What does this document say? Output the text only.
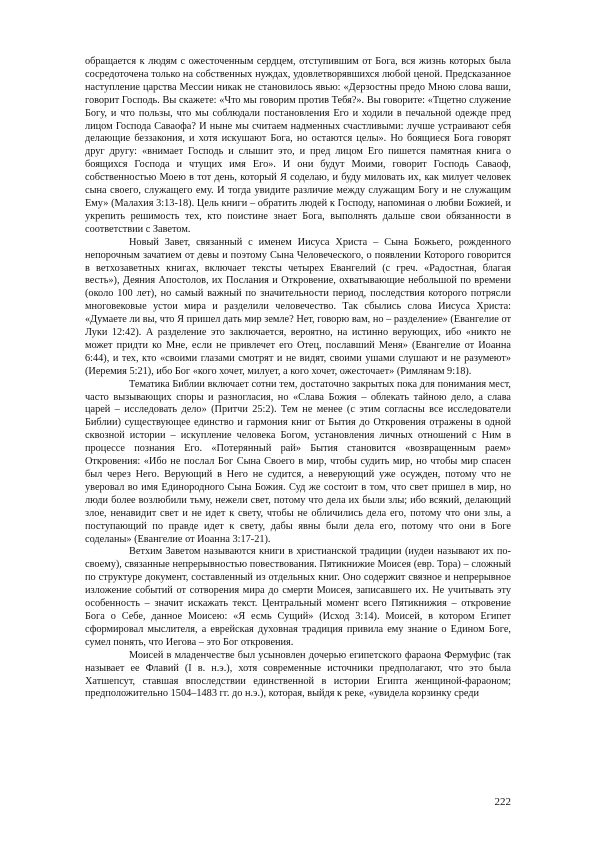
обращается к людям с ожесточенным сердцем, отступившим от Бога, вся жизнь которых была сосредоточена только на собственных нуждах, удовлетворявшихся любой ценой. Предсказанное наступление царства Мессии никак не становилось явью: «Дерзостны предо Мною слова ваши, говорит Господь. Вы скажете: «Что мы говорим против Тебя?». Вы говорите: «Тщетно служение Богу, и что пользы, что мы соблюдали постановления Его и ходили в печальной одежде пред лицом Господа Саваофа? И ныне мы считаем надменных счастливыми: лучше устраивают себя делающие беззакония, и хотя искушают Бога, но остаются целы». Но боящиеся Бога говорят друг другу: «внимает Господь и слышит это, и пред лицом Его пишется памятная книга о боящихся Господа и чтущих имя Его». И они будут Моими, говорит Господь Саваоф, собственностью Моею в тот день, который Я соделаю, и буду миловать их, как милует человек сына своего, служащего ему. И тогда увидите различие между служащим Богу и не служащим Ему» (Малахия 3:13-18). Цель книги – обратить людей к Господу, напоминая о любви Божией, и укрепить решимость тех, кто поистине знает Бога, выполнять дальше свои обязанности в соответствии с Заветом.

Новый Завет, связанный с именем Иисуса Христа – Сына Божьего, рожденного непорочным зачатием от девы и поэтому Сына Человеческого, о появлении Которого говорится в ветхозаветных книгах, включает тексты четырех Евангелий (с греч. «Радостная, благая весть»), Деяния Апостолов, их Послания и Откровение, охватывающие небольшой по времени (около 100 лет), но самый важный по значительности период, последствия которого потрясли многовековые устои мира и разделили человечество. Так сбылись слова Иисуса Христа: «Думаете ли вы, что Я пришел дать мир земле? Нет, говорю вам, но – разделение» (Евангелие от Луки 12:42). А разделение это заключается, вероятно, на истинно верующих, ибо «никто не может придти ко Мне, если не привлечет его Отец, пославший Меня» (Евангелие от Иоанна 6:44), и тех, кто «своими глазами смотрят и не видят, своими ушами слушают и не разумеют» (Иеремия 5:21), ибо Бог «кого хочет, милует, а кого хочет, ожесточает» (Римлянам 9:18).

Тематика Библии включает сотни тем, достаточно закрытых пока для понимания мест, часто вызывающих споры и разногласия, но «Слава Божия – облекать тайною дело, а слава царей – исследовать дело» (Притчи 25:2). Тем не менее (с этим согласны все исследователи Библии) существующее единство и гармония книг от Бытия до Откровения отражены в одной сквозной истории – искупление человека Богом, установления личных отношений с Ним в процессе познания Его. «Потерянный рай» Бытия становится «возвращенным раем» Откровения: «Ибо не послал Бог Сына Своего в мир, чтобы судить мир, но чтобы мир спасен был через Него. Верующий в Него не судится, а неверующий уже осужден, потому что не уверовал во имя Единородного Сына Божия. Суд же состоит в том, что свет пришел в мир, но люди более возлюбили тьму, нежели свет, потому что дела их были злы; ибо всякий, делающий злое, ненавидит свет и не идет к свету, чтобы не обличились дела его, потому что они злы, а поступающий по правде идет к свету, дабы явны были дела его, потому что они в Боге соделаны» (Евангелие от Иоанна 3:17-21).

Ветхим Заветом называются книги в христианской традиции (иудеи называют их по-своему), связанные непрерывностью повествования. Пятикнижие Моисея (евр. Тора) – сложный по структуре документ, составленный из отдельных книг. Оно содержит связное и непрерывное изложение событий от сотворения мира до смерти Моисея, записавшего их. Не учитывать эту особенность – значит искажать текст. Центральный момент всего Пятикнижия – откровение Бога о Себе, данное Моисею: «Я есмь Сущий» (Исход 3:14). Моисей, в котором Египет сформировал мыслителя, а еврейская духовная традиция привила ему знание о Едином Боге, сумел понять, что Иегова – это Бог откровения.

Моисей в младенчестве был усыновлен дочерью египетского фараона Фермуфис (так называет ее Флавий (I в. н.э.), хотя современные источники предполагают, что это была Хатшепсут, ставшая впоследствии единственной в истории Египта женщиной-фараоном; предположительно 1504–1483 гг. до н.э.), которая, выйдя к реке, «увидела корзинку среди

222
